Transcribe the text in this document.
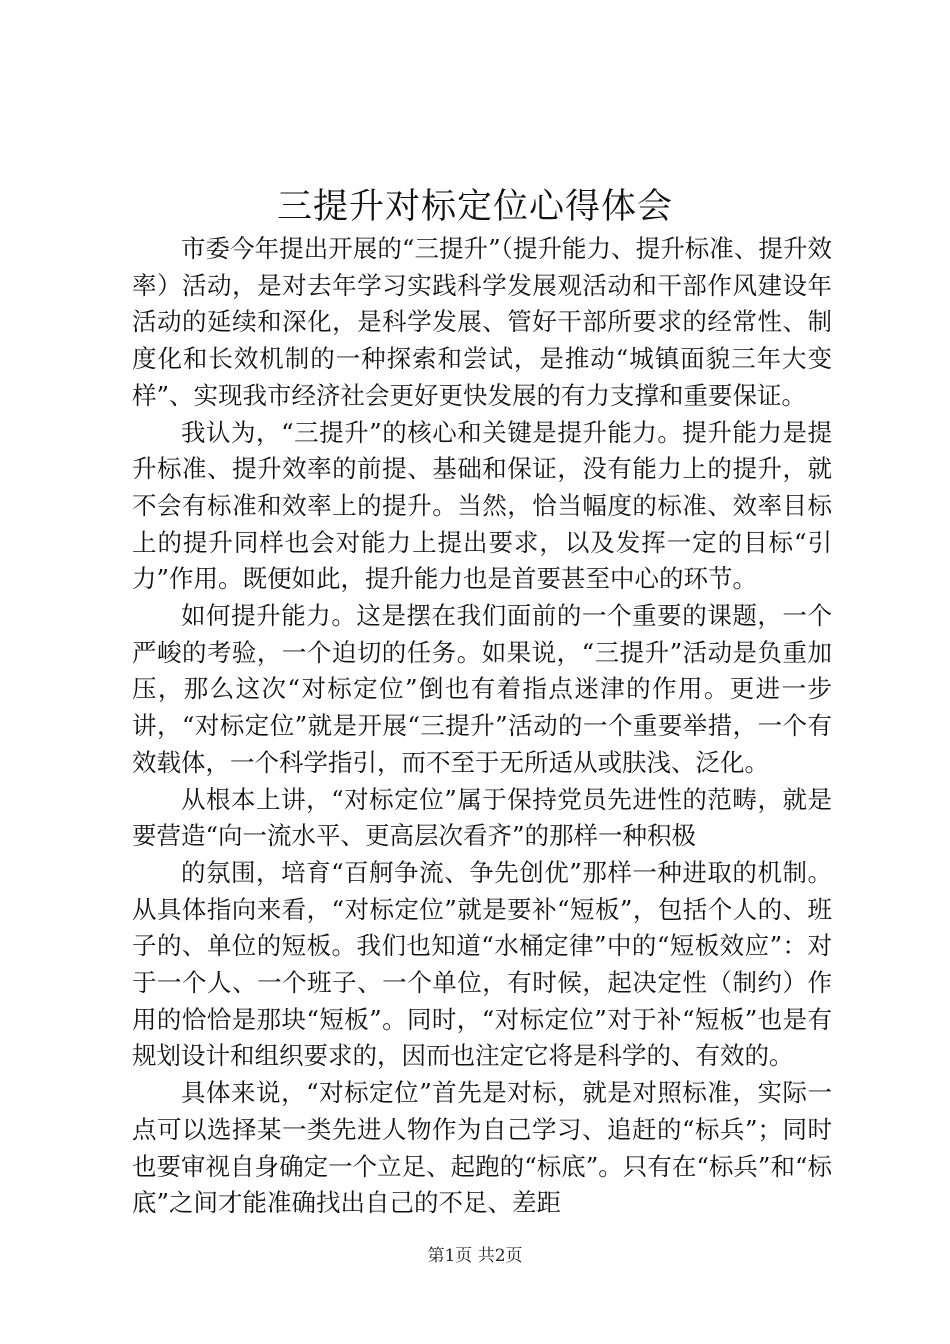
三提升对标定位心得体会

市委今年提出开展的“三提升”（提升能力、提升标准、提升效率）活动，是对去年学习实践科学发展观活动和干部作风建设年活动的延续和深化，是科学发展、管好干部所要求的经常性、制度化和长效机制的一种探索和尝试，是推动“城镇面貌三年大变样”、实现我市经济社会更好更快发展的有力支撑和重要保证。

我认为，“三提升”的核心和关键是提升能力。提升能力是提升标准、提升效率的前提、基础和保证，没有能力上的提升，就不会有标准和效率上的提升。当然，恰当幅度的标准、效率目标上的提升同样也会对能力上提出要求，以及发挥一定的目标“引力”作用。既便如此，提升能力也是首要甚至中心的环节。

如何提升能力。这是摆在我们面前的一个重要的课题，一个严峻的考验，一个迫切的任务。如果说，“三提升”活动是负重加压，那么这次“对标定位”倒也有着指点迷津的作用。更进一步讲，“对标定位”就是开展“三提升”活动的一个重要举措，一个有效载体，一个科学指引，而不至于无所适从或肤浅、泛化。

从根本上讲，“对标定位”属于保持党员先进性的范畴，就是要营造“向一流水平、更高层次看齐”的那样一种积极

的氛围，培育“百舸争流、争先创优”那样一种进取的机制。从具体指向来看，“对标定位”就是要补“短板”，包括个人的、班子的、单位的短板。我们也知道“水桶定律”中的“短板效应”：对于一个人、一个班子、一个单位，有时候，起决定性（制约）作用的恰恰是那块“短板”。同时，“对标定位”对于补“短板”也是有规划设计和组织要求的，因而也注定它将是科学的、有效的。

具体来说，“对标定位”首先是对标，就是对照标准，实际一点可以选择某一类先进人物作为自己学习、追赶的“标兵”；同时也要审视自身确定一个立足、起跑的“标底”。只有在“标兵”和“标底”之间才能准确找出自己的不足、差距

第1页 共2页
